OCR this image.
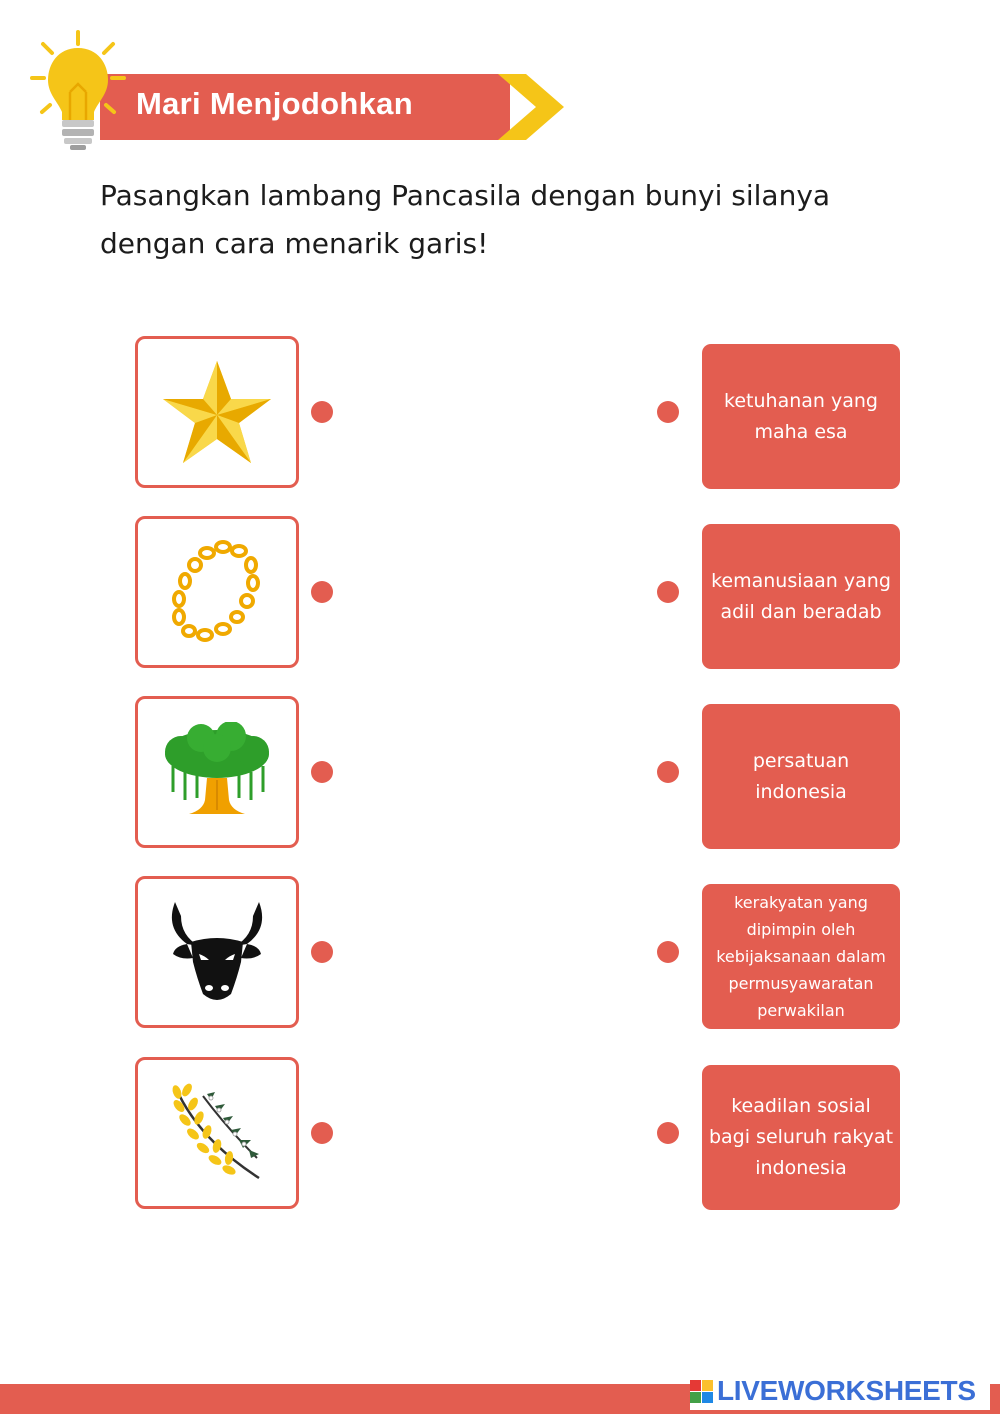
Mari Menjodohkan
Pasangkan lambang Pancasila dengan bunyi silanya
dengan cara menarik garis!
ketuhanan yang maha esa
kemanusiaan yang adil dan beradab
persatuan indonesia
kerakyatan yang dipimpin oleh kebijaksanaan dalam permusyawaratan perwakilan
keadilan sosial bagi seluruh rakyat indonesia
LIVEWORKSHEETS
